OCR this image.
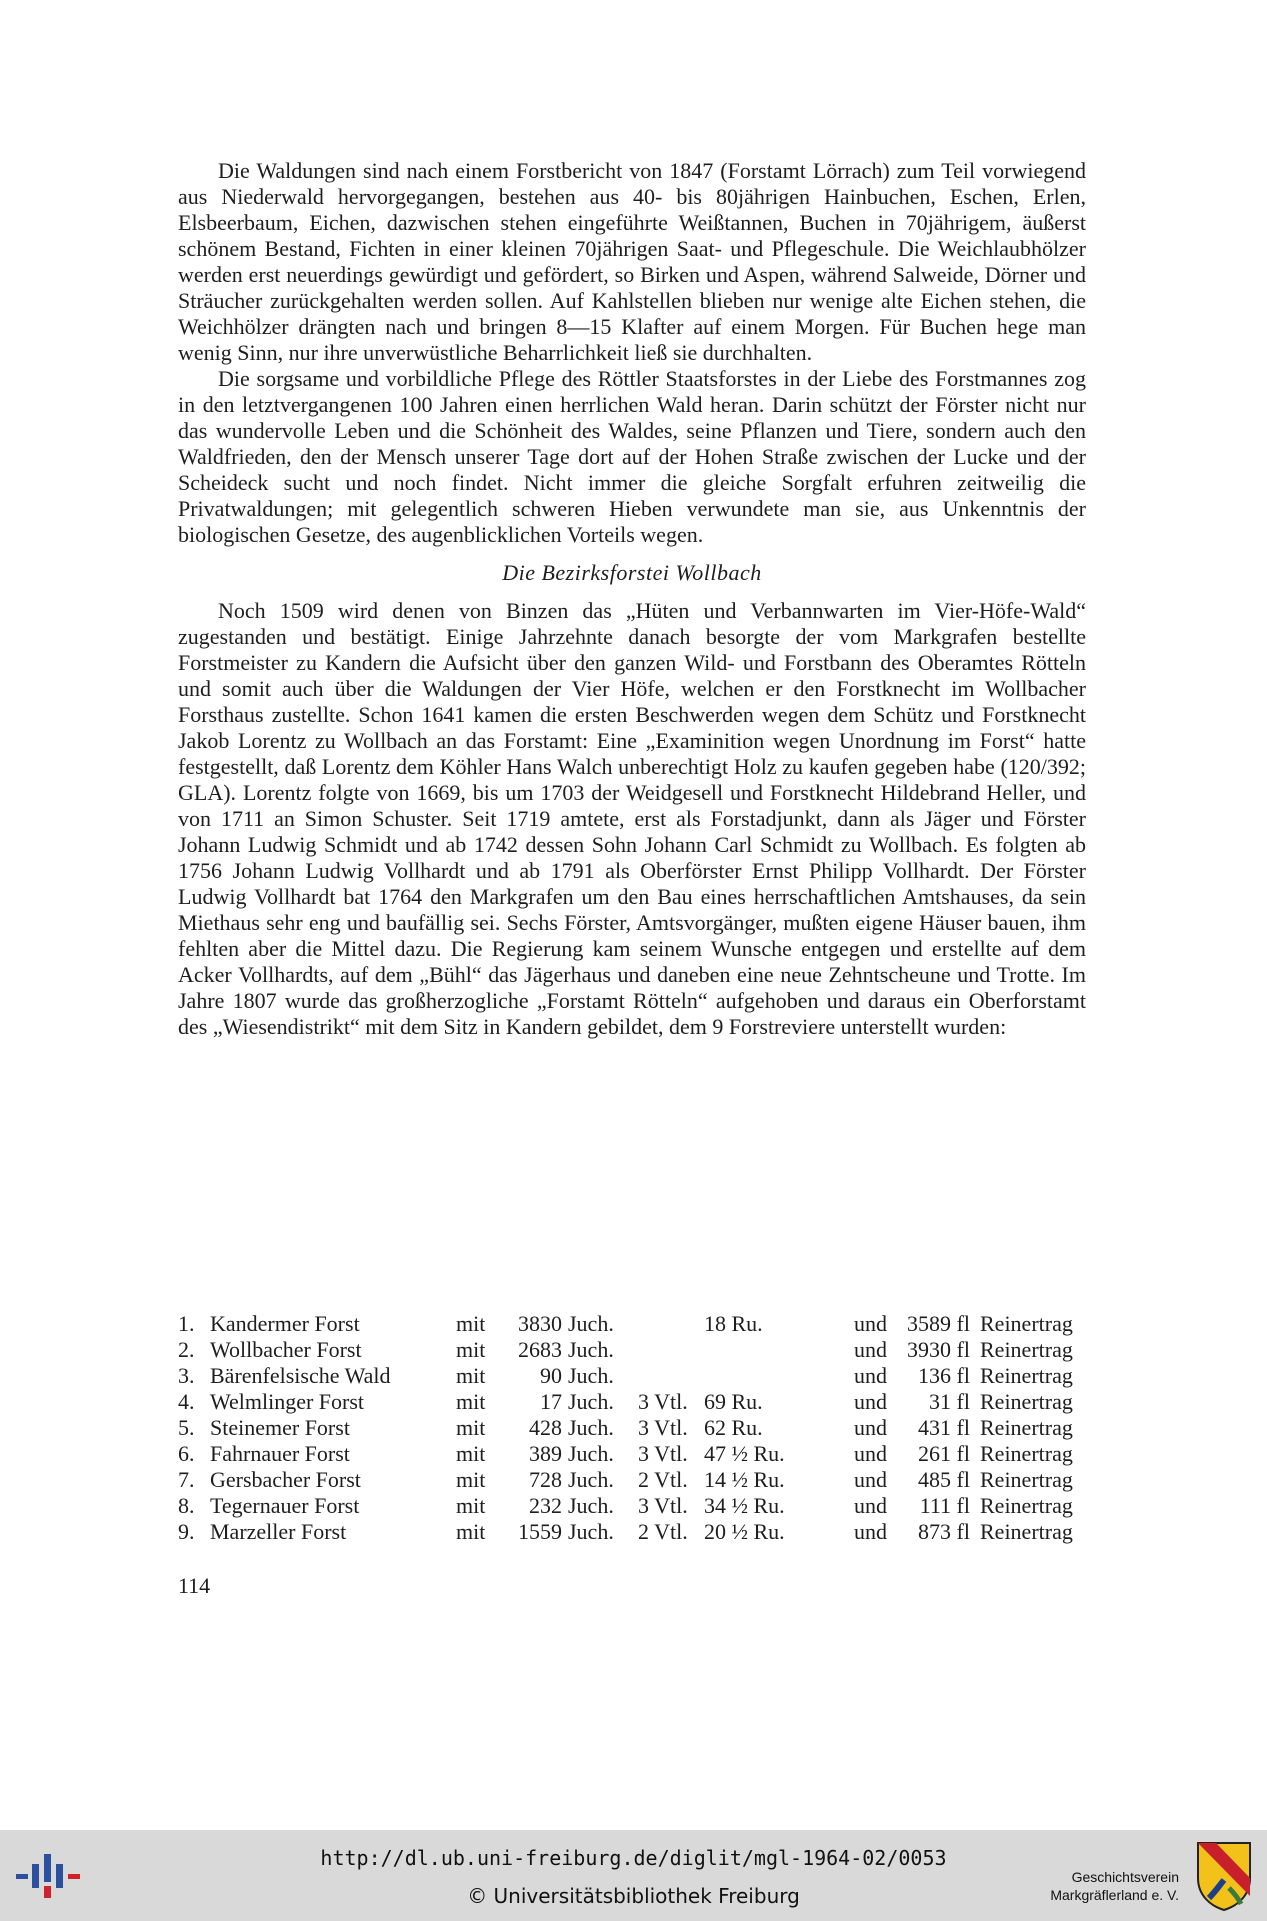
Die Waldungen sind nach einem Forstbericht von 1847 (Forstamt Lörrach) zum Teil vorwiegend aus Niederwald hervorgegangen, bestehen aus 40- bis 80jährigen Hainbuchen, Eschen, Erlen, Elsbeerbaum, Eichen, dazwischen stehen eingeführte Weißtannen, Buchen in 70jährigem, äußerst schönem Bestand, Fichten in einer kleinen 70jährigen Saat- und Pflegeschule. Die Weichlaubhölzer werden erst neuerdings gewürdigt und gefördert, so Birken und Aspen, während Salweide, Dörner und Sträucher zurückgehalten werden sollen. Auf Kahlstellen blieben nur wenige alte Eichen stehen, die Weichhölzer drängten nach und bringen 8—15 Klafter auf einem Morgen. Für Buchen hege man wenig Sinn, nur ihre unverwüstliche Beharrlichkeit ließ sie durchhalten.

Die sorgsame und vorbildliche Pflege des Röttler Staatsforstes in der Liebe des Forstmannes zog in den letztvergangenen 100 Jahren einen herrlichen Wald heran. Darin schützt der Förster nicht nur das wundervolle Leben und die Schönheit des Waldes, seine Pflanzen und Tiere, sondern auch den Waldfrieden, den der Mensch unserer Tage dort auf der Hohen Straße zwischen der Lucke und der Scheideck sucht und noch findet. Nicht immer die gleiche Sorgfalt erfuhren zeitweilig die Privatwaldungen; mit gelegentlich schweren Hieben verwundete man sie, aus Unkenntnis der biologischen Gesetze, des augenblicklichen Vorteils wegen.

Die Bezirksforstei Wollbach

Noch 1509 wird denen von Binzen das „Hüten und Verbannwarten im Vier-Höfe-Wald“ zugestanden und bestätigt. Einige Jahrzehnte danach besorgte der vom Markgrafen bestellte Forstmeister zu Kandern die Aufsicht über den ganzen Wild- und Forstbann des Oberamtes Rötteln und somit auch über die Waldungen der Vier Höfe, welchen er den Forstknecht im Wollbacher Forsthaus zustellte. Schon 1641 kamen die ersten Beschwerden wegen dem Schütz und Forstknecht Jakob Lorentz zu Wollbach an das Forstamt: Eine „Examinition wegen Unordnung im Forst“ hatte festgestellt, daß Lorentz dem Köhler Hans Walch unberechtigt Holz zu kaufen gegeben habe (120/392; GLA). Lorentz folgte von 1669, bis um 1703 der Weidgesell und Forstknecht Hildebrand Heller, und von 1711 an Simon Schuster. Seit 1719 amtete, erst als Forstadjunkt, dann als Jäger und Förster Johann Ludwig Schmidt und ab 1742 dessen Sohn Johann Carl Schmidt zu Wollbach. Es folgten ab 1756 Johann Ludwig Vollhardt und ab 1791 als Oberförster Ernst Philipp Vollhardt. Der Förster Ludwig Vollhardt bat 1764 den Markgrafen um den Bau eines herrschaftlichen Amtshauses, da sein Miethaus sehr eng und baufällig sei. Sechs Förster, Amtsvorgänger, mußten eigene Häuser bauen, ihm fehlten aber die Mittel dazu. Die Regierung kam seinem Wunsche entgegen und erstellte auf dem Acker Vollhardts, auf dem „Bühl“ das Jägerhaus und daneben eine neue Zehntscheune und Trotte. Im Jahre 1807 wurde das großherzogliche „Forstamt Rötteln“ aufgehoben und daraus ein Oberforstamt des „Wiesendistrikt“ mit dem Sitz in Kandern gebildet, dem 9 Forstreviere unterstellt wurden:

1.	Kandermer Forst	mit	3830	Juch.		18 Ru.	und	3589 fl	Reinertrag
2.	Wollbacher Forst	mit	2683	Juch.			und	3930 fl	Reinertrag
3.	Bärenfelsische Wald	mit	90	Juch.			und	136 fl	Reinertrag
4.	Welmlinger Forst	mit	17	Juch.	3 Vtl.	69 Ru.	und	31 fl	Reinertrag
5.	Steinemer Forst	mit	428	Juch.	3 Vtl.	62 Ru.	und	431 fl	Reinertrag
6.	Fahrnauer Forst	mit	389	Juch.	3 Vtl.	47 ½ Ru.	und	261 fl	Reinertrag
7.	Gersbacher Forst	mit	728	Juch.	2 Vtl.	14 ½ Ru.	und	485 fl	Reinertrag
8.	Tegernauer Forst	mit	232	Juch.	3 Vtl.	34 ½ Ru.	und	111 fl	Reinertrag
9.	Marzeller Forst	mit	1559	Juch.	2 Vtl.	20 ½ Ru.	und	873 fl	Reinertrag
114
http://dl.ub.uni-freiburg.de/diglit/mgl-1964-02/0053
© Universitätsbibliothek Freiburg
Geschichtsverein
Markgräflerland e. V.
